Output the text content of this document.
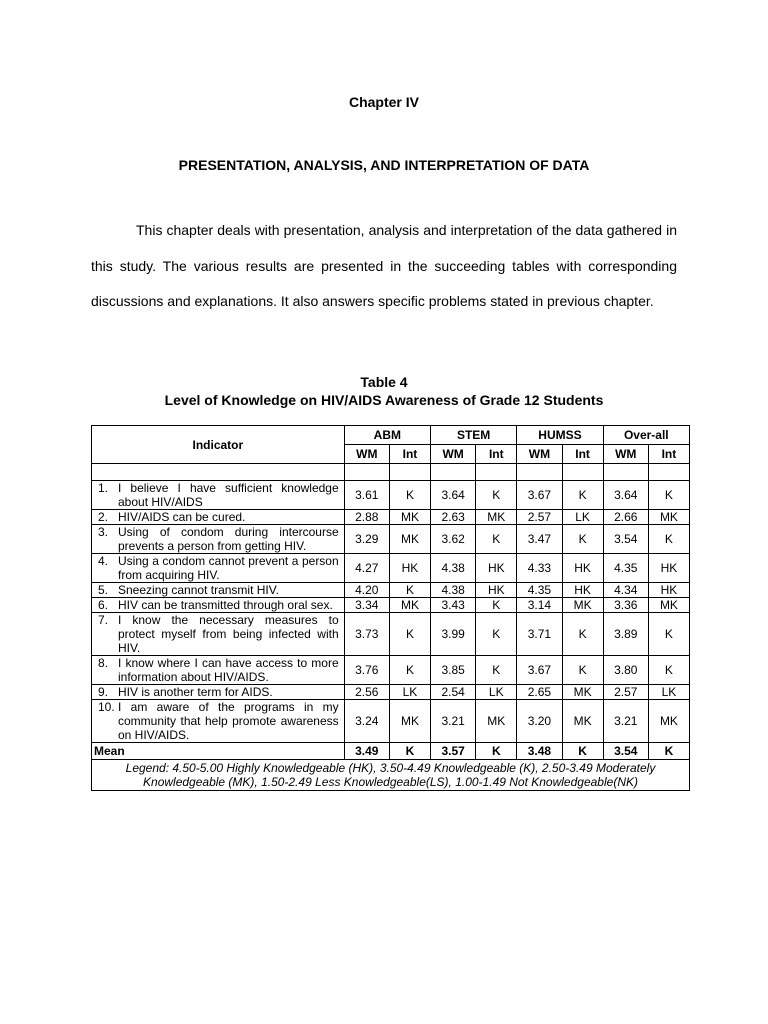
Chapter IV
PRESENTATION, ANALYSIS, AND INTERPRETATION OF DATA

This chapter deals with presentation, analysis and interpretation of the data gathered in this study. The various results are presented in the succeeding tables with corresponding discussions and explanations. It also answers specific problems stated in previous chapter.

Table 4
Level of Knowledge on HIV/AIDS Awareness of Grade 12 Students
Indicator	ABM		STEM		HUMSS		Over-all	
	WM	Int	WM	Int	WM	Int	WM	Int

1. I believe I have sufficient knowledge about HIV/AIDS	3.61	K	3.64	K	3.67	K	3.64	K

2. HIV/AIDS can be cured.	2.88	MK	2.63	MK	2.57	LK	2.66	MK

3. Using of condom during intercourse prevents a person from getting HIV.	3.29	MK	3.62	K	3.47	K	3.54	K

4. Using a condom cannot prevent a person from acquiring HIV.	4.27	HK	4.38	HK	4.33	HK	4.35	HK

5. Sneezing cannot transmit HIV.	4.20	K	4.38	HK	4.35	HK	4.34	HK

6. HIV can be transmitted through oral sex.	3.34	MK	3.43	K	3.14	MK	3.36	MK

7. I know the necessary measures to protect myself from being infected with HIV.	3.73	K	3.99	K	3.71	K	3.89	K

8. I know where I can have access to more information about HIV/AIDS.	3.76	K	3.85	K	3.67	K	3.80	K

9. HIV is another term for AIDS.	2.56	LK	2.54	LK	2.65	MK	2.57	LK

10. I am aware of the programs in my community that help promote awareness on HIV/AIDS.	3.24	MK	3.21	MK	3.20	MK	3.21	MK
Mean	3.49	K	3.57	K	3.48	K	3.54	K
Legend: 4.50-5.00 Highly Knowledgeable (HK), 3.50-4.49 Knowledgeable (K), 2.50-3.49 Moderately Knowledgeable (MK), 1.50-2.49 Less Knowledgeable(LS), 1.00-1.49 Not Knowledgeable(NK)								
